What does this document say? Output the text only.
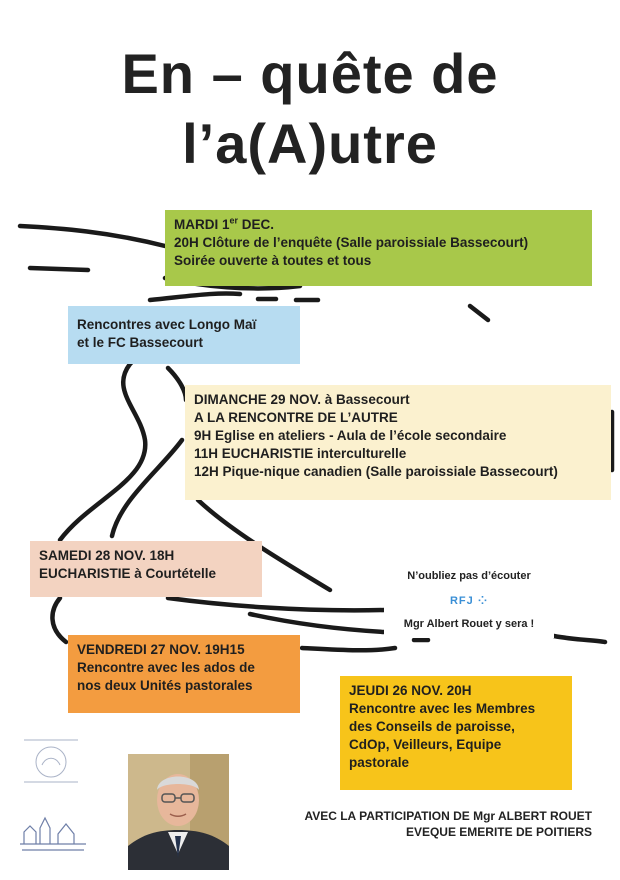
En – quête de
l’a(A)utre
MARDI 1er DEC.
20H Clôture de l’enquête (Salle paroissiale Bassecourt)
Soirée ouverte à toutes et tous
Rencontres avec Longo Maï
et le FC Bassecourt
DIMANCHE 29 NOV. à Bassecourt
A LA RENCONTRE DE L’AUTRE
9H Eglise en ateliers - Aula de l’école secondaire
11H EUCHARISTIE interculturelle
12H Pique-nique canadien (Salle paroissiale Bassecourt)
SAMEDI 28 NOV. 18H
EUCHARISTIE à Courtételle
VENDREDI 27 NOV. 19H15
Rencontre avec les ados de
nos deux Unités pastorales	JEUDI 26 NOV. 20H
Rencontre avec les Membres
des Conseils de paroisse,
CdOp, Veilleurs, Equipe
pastorale
N’oubliez pas d’écouter
RFJ ⁘
Mgr Albert Rouet y sera !
AVEC LA PARTICIPATION DE Mgr ALBERT ROUET
EVEQUE EMERITE DE POITIERS
